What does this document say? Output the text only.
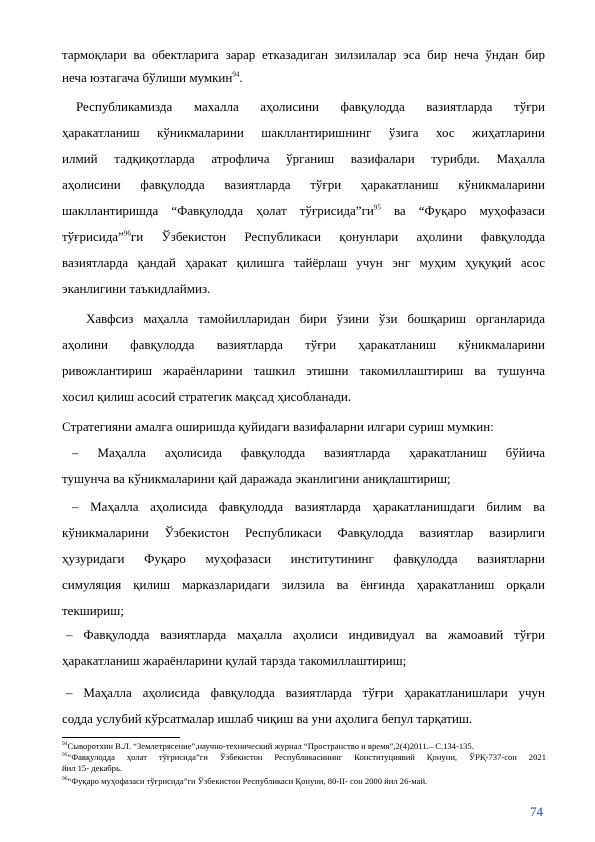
тармоқлари ва обектларига зарар етказадиган зилзилалар эса бир неча ўндан бир
неча юзтагача бўлиши мумкин$^{94}$.
Республикамизда махалла аҳолисини фавқулодда вазиятларда тўғри
ҳаракатланиш кўникмаларини шакллантиришнинг ўзига хос жиҳатларини
илмий тадқиқотларда атрофлича ўрганиш вазифалари турибди. Маҳалла
аҳолисини фавқулодда вазиятларда тўғри ҳаракатланиш кўникмаларини
шакллантиришда “Фавқулодда ҳолат тўғрисида”ги$^{95}$ ва “Фуқаро муҳофазаси
тўғрисида”$^{96}$ги Ўзбекистон Республикаси қонунлари аҳолини фавқулодда
вазиятларда қандай ҳаракат қилишга тайёрлаш учун энг муҳим ҳуқуқий асос
эканлигини таъкидлаймиз.
Хавфсиз маҳалла тамойилларидан бири ўзини ўзи бошқариш органларида
аҳолини фавқулодда вазиятларда тўғри ҳаракатланиш кўникмаларини
ривожлантириш жараёнларини ташкил этишни такомиллаштириш ва тушунча
хосил қилиш асосий стратегик мақсад ҳисобланади.
Стратегияни амалга оширишда қуйидаги вазифаларни илгари суриш мумкин:
– Маҳалла аҳолисида фавқулодда вазиятларда ҳаракатланиш бўйича
тушунча ва кўникмаларини қай даражада эканлигини аниқлаштириш;
– Маҳалла аҳолисида фавқулодда вазиятларда ҳаракатланишдаги билим ва
кўникмаларини Ўзбекистон Республикаси Фавқулодда вазиятлар вазирлиги
ҳузуридаги Фуқаро муҳофазаси институтининг фавқулодда вазиятларни
симуляция қилиш марказларидаги зилзила ва ёнғинда ҳаракатланиш орқали
текшириш;
– Фавқулодда вазиятларда маҳалла аҳолиси индивидуал ва жамоавий тўғри
ҳаракатланиш жараёнларини қулай тарзда такомиллаштириш;
– Маҳалла аҳолисида фавқулодда вазиятларда тўғри ҳаракатланишлари учун
содда услубий кўрсатмалар ишлаб чиқиш ва уни аҳолига бепул тарқатиш.
$^{94}$Сыворотхин В.Л. “Землетрясение”,научно-технический журнал “Пространство и время”,2(4)2011.– С.134-135.
$^{95}$“Фавқулодда ҳолат тўғрисида”ги Ўзбекистон Республикасининг Конституциявий Қонуни, ЎРҚ-737-сон 2021
йил 15- декабрь.
$^{96}$“Фуқаро муҳофазаси тўғрисида”ги Ўзбекистон Республикаси Қонуни, 80-II- сон 2000 йил 26-май.
74
